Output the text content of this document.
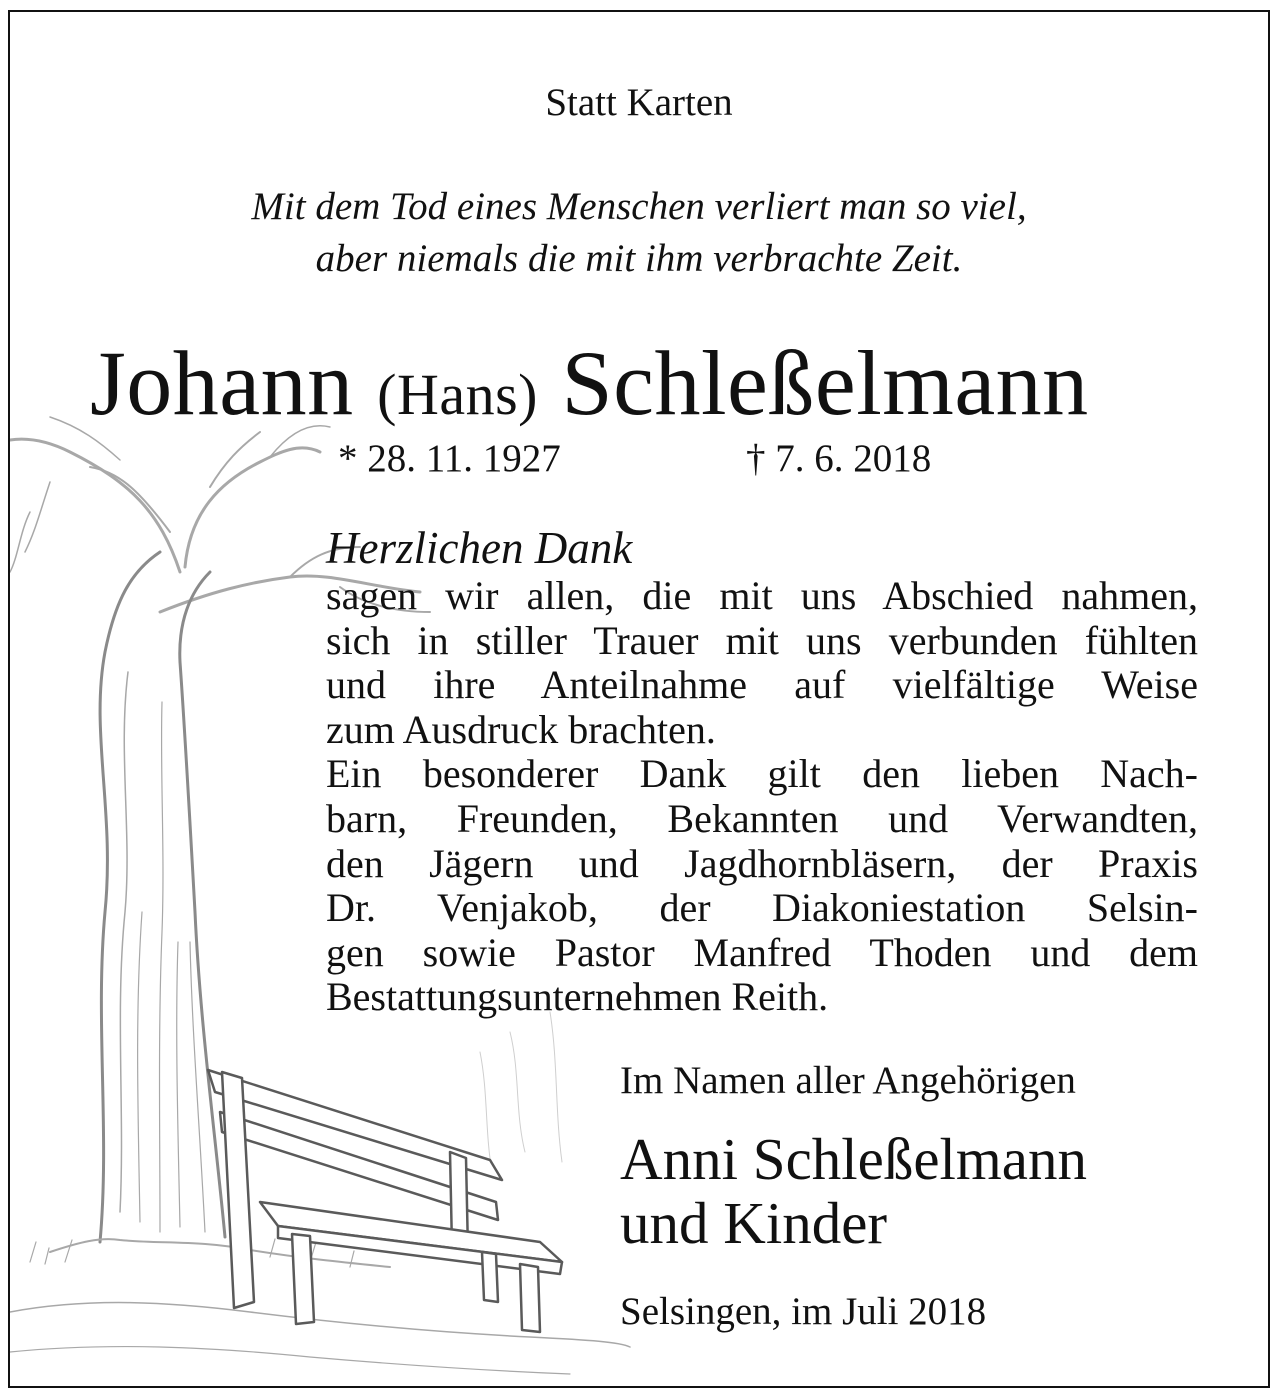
Statt Karten
Mit dem Tod eines Menschen verliert man so viel,
aber niemals die mit ihm verbrachte Zeit.
Johann (Hans) Schleßelmann
* 28. 11. 1927	† 7. 6. 2018
Herzlichen Dank
sagen wir allen, die mit uns Abschied nahmen,
sich in stiller Trauer mit uns verbunden fühlten
und ihre Anteilnahme auf vielfältige Weise
zum Ausdruck brachten.
Ein besonderer Dank gilt den lieben Nach-
barn, Freunden, Bekannten und Verwandten,
den Jägern und Jagdhornbläsern, der Praxis
Dr. Venjakob, der Diakoniestation Selsin-
gen sowie Pastor Manfred Thoden und dem
Bestattungsunternehmen Reith.
Im Namen aller Angehörigen
Anni Schleßelmann
und Kinder
Selsingen, im Juli 2018
